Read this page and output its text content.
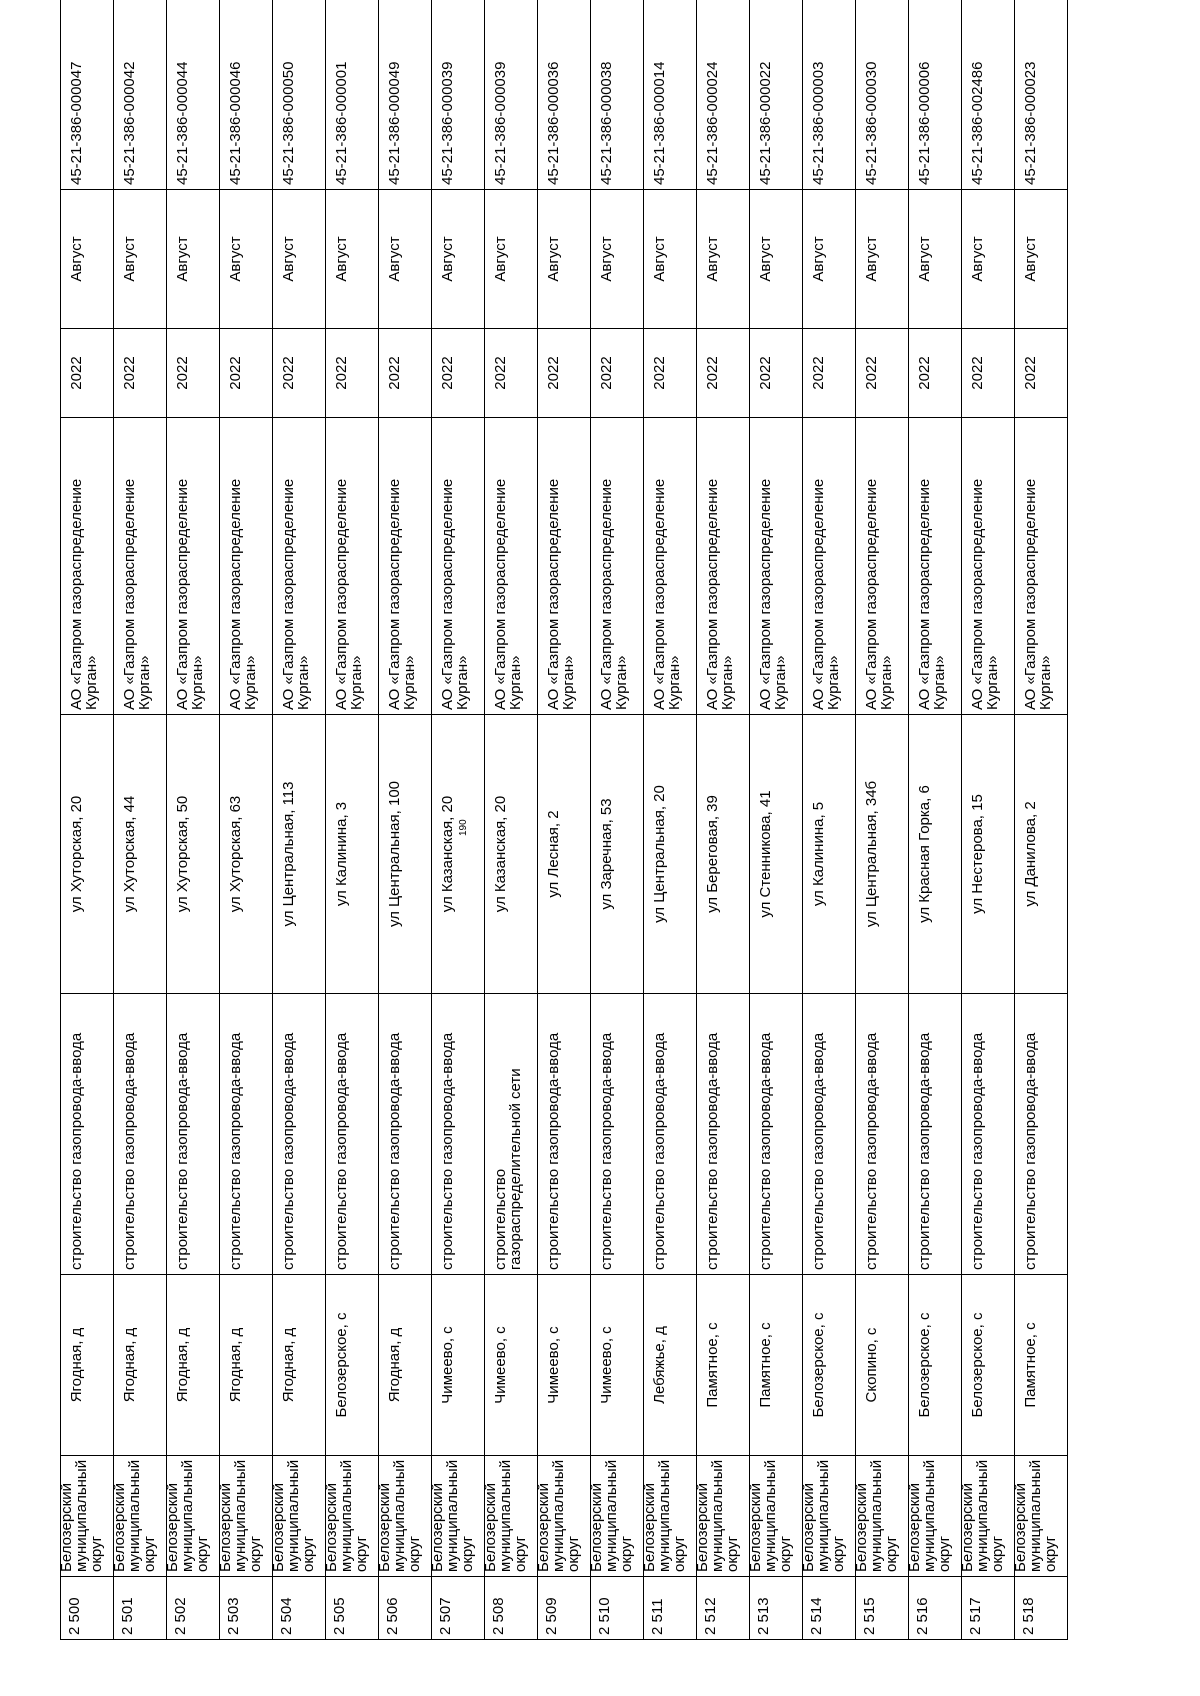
190
2 500	Белозерский муниципальный округ	Ягодная, д	строительство газопровода-ввода	ул Хуторская, 20	АО «Газпром газораспределение Курган»	2022	Август	45-21-386-000047

2 501	Белозерский муниципальный округ	Ягодная, д	строительство газопровода-ввода	ул Хуторская, 44	АО «Газпром газораспределение Курган»	2022	Август	45-21-386-000042

2 502	Белозерский муниципальный округ	Ягодная, д	строительство газопровода-ввода	ул Хуторская, 50	АО «Газпром газораспределение Курган»	2022	Август	45-21-386-000044

2 503	Белозерский муниципальный округ	Ягодная, д	строительство газопровода-ввода	ул Хуторская, 63	АО «Газпром газораспределение Курган»	2022	Август	45-21-386-000046

2 504	Белозерский муниципальный округ	Ягодная, д	строительство газопровода-ввода	ул Центральная, 113	АО «Газпром газораспределение Курган»	2022	Август	45-21-386-000050

2 505	Белозерский муниципальный округ	Белозерское, с	строительство газопровода-ввода	ул Калинина, 3	АО «Газпром газораспределение Курган»	2022	Август	45-21-386-000001

2 506	Белозерский муниципальный округ	Ягодная, д	строительство газопровода-ввода	ул Центральная, 100	АО «Газпром газораспределение Курган»	2022	Август	45-21-386-000049

2 507	Белозерский муниципальный округ	Чимеево, с	строительство газопровода-ввода	ул Казанская, 20	АО «Газпром газораспределение Курган»	2022	Август	45-21-386-000039

2 508	Белозерский муниципальный округ	Чимеево, с	строительство газораспределительной сети	ул Казанская, 20	АО «Газпром газораспределение Курган»	2022	Август	45-21-386-000039

2 509	Белозерский муниципальный округ	Чимеево, с	строительство газопровода-ввода	ул Лесная, 2	АО «Газпром газораспределение Курган»	2022	Август	45-21-386-000036

2 510	Белозерский муниципальный округ	Чимеево, с	строительство газопровода-ввода	ул Заречная, 53	АО «Газпром газораспределение Курган»	2022	Август	45-21-386-000038

2 511	Белозерский муниципальный округ	Лебяжье, д	строительство газопровода-ввода	ул Центральная, 20	АО «Газпром газораспределение Курган»	2022	Август	45-21-386-000014

2 512	Белозерский муниципальный округ	Памятное, с	строительство газопровода-ввода	ул Береговая, 39	АО «Газпром газораспределение Курган»	2022	Август	45-21-386-000024

2 513	Белозерский муниципальный округ	Памятное, с	строительство газопровода-ввода	ул Стенникова, 41	АО «Газпром газораспределение Курган»	2022	Август	45-21-386-000022

2 514	Белозерский муниципальный округ	Белозерское, с	строительство газопровода-ввода	ул Калинина, 5	АО «Газпром газораспределение Курган»	2022	Август	45-21-386-000003

2 515	Белозерский муниципальный округ	Скопино, с	строительство газопровода-ввода	ул Центральная, 34б	АО «Газпром газораспределение Курган»	2022	Август	45-21-386-000030

2 516	Белозерский муниципальный округ	Белозерское, с	строительство газопровода-ввода	ул Красная Горка, 6	АО «Газпром газораспределение Курган»	2022	Август	45-21-386-000006

2 517	Белозерский муниципальный округ	Белозерское, с	строительство газопровода-ввода	ул Нестерова, 15	АО «Газпром газораспределение Курган»	2022	Август	45-21-386-002486

2 518	Белозерский муниципальный округ	Памятное, с	строительство газопровода-ввода	ул Данилова, 2	АО «Газпром газораспределение Курган»	2022	Август	45-21-386-000023
